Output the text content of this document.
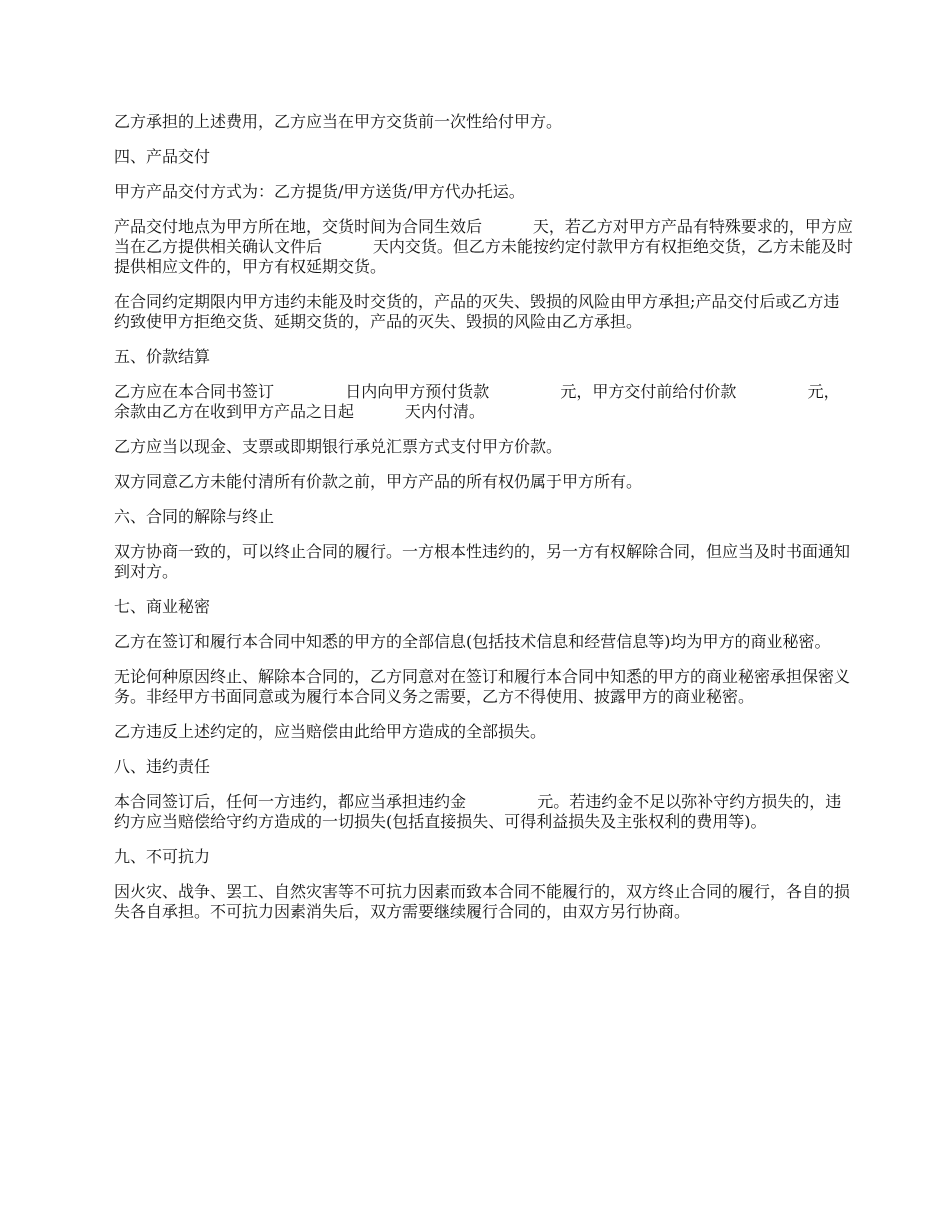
乙方承担的上述费用，乙方应当在甲方交货前一次性给付甲方。

四、产品交付

甲方产品交付方式为：乙方提货/甲方送货/甲方代办托运。

产品交付地点为甲方所在地，交货时间为合同生效后          天，若乙方对甲方产品有特殊要求的，甲方应当在乙方提供相关确认文件后          天内交货。但乙方未能按约定付款甲方有权拒绝交货，乙方未能及时提供相应文件的，甲方有权延期交货。

在合同约定期限内甲方违约未能及时交货的，产品的灭失、毁损的风险由甲方承担;产品交付后或乙方违约致使甲方拒绝交货、延期交货的，产品的灭失、毁损的风险由乙方承担。

五、价款结算

乙方应在本合同书签订              日内向甲方预付货款              元，甲方交付前给付价款              元，余款由乙方在收到甲方产品之日起          天内付清。

乙方应当以现金、支票或即期银行承兑汇票方式支付甲方价款。

双方同意乙方未能付清所有价款之前，甲方产品的所有权仍属于甲方所有。

六、合同的解除与终止

双方协商一致的，可以终止合同的履行。一方根本性违约的，另一方有权解除合同，但应当及时书面通知到对方。

七、商业秘密

乙方在签订和履行本合同中知悉的甲方的全部信息(包括技术信息和经营信息等)均为甲方的商业秘密。

无论何种原因终止、解除本合同的，乙方同意对在签订和履行本合同中知悉的甲方的商业秘密承担保密义务。非经甲方书面同意或为履行本合同义务之需要，乙方不得使用、披露甲方的商业秘密。

乙方违反上述约定的，应当赔偿由此给甲方造成的全部损失。

八、违约责任

本合同签订后，任何一方违约，都应当承担违约金              元。若违约金不足以弥补守约方损失的，违约方应当赔偿给守约方造成的一切损失(包括直接损失、可得利益损失及主张权利的费用等)。

九、不可抗力

因火灾、战争、罢工、自然灾害等不可抗力因素而致本合同不能履行的，双方终止合同的履行，各自的损失各自承担。不可抗力因素消失后，双方需要继续履行合同的，由双方另行协商。
